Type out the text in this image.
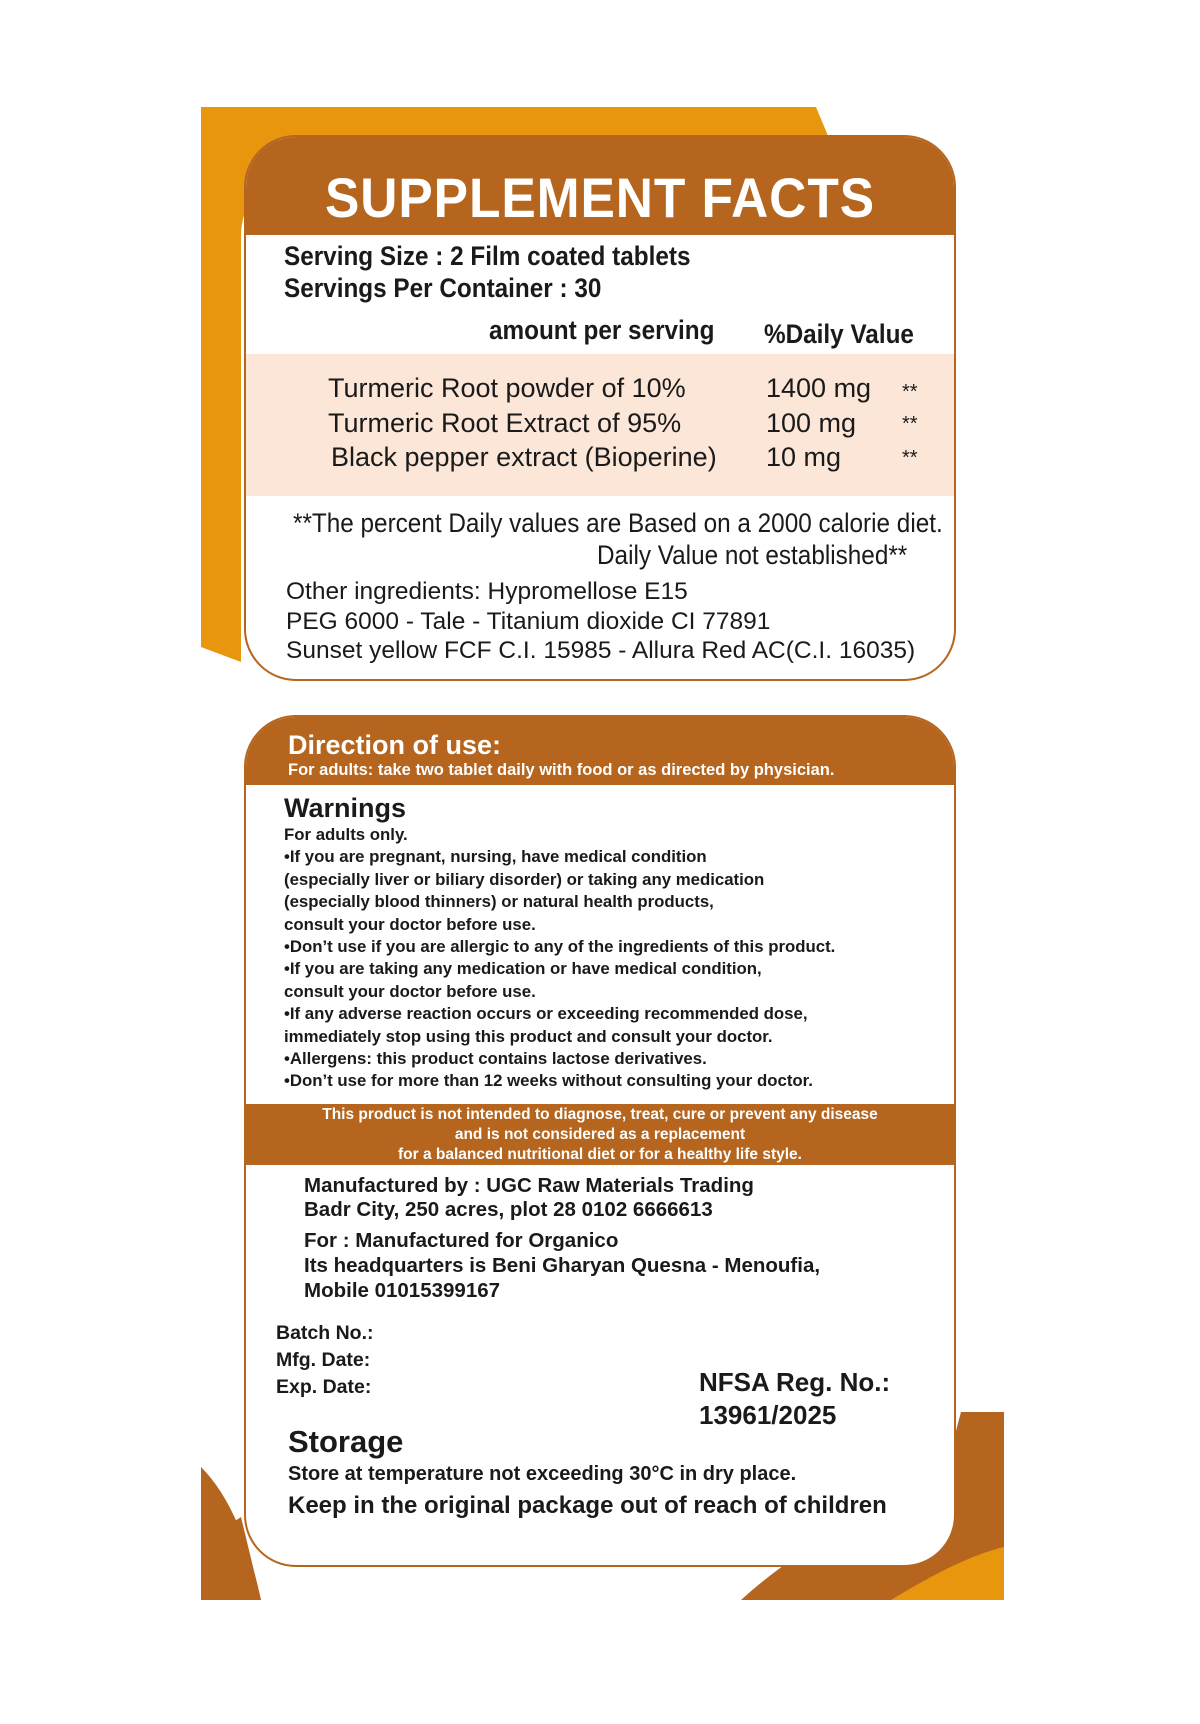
SUPPLEMENT FACTS
Serving Size : 2 Film coated tablets
Servings Per Container : 30
amount per serving %Daily Value
Turmeric Root powder of 10%	1400 mg **
Turmeric Root Extract of 95%	100 mg **
Black pepper extract (Bioperine) 10 mg	**
**The percent Daily values are Based on a 2000 calorie diet.
Daily Value not established**
Other ingredients: Hypromellose E15
PEG 6000 - Tale - Titanium dioxide CI 77891
Sunset yellow FCF C.I. 15985 - Allura Red AC(C.I. 16035)
Direction of use:
For adults: take two tablet daily with food or as directed by physician.
Warnings
For adults only.
•If you are pregnant, nursing, have medical condition
(especially liver or biliary disorder) or taking any medication
(especially blood thinners) or natural health products,
consult your doctor before use.
•Don’t use if you are allergic to any of the ingredients of this product.
•If you are taking any medication or have medical condition,
consult your doctor before use.
•If any adverse reaction occurs or exceeding recommended dose,
immediately stop using this product and consult your doctor.
•Allergens: this product contains lactose derivatives.
•Don’t use for more than 12 weeks without consulting your doctor.
This product is not intended to diagnose, treat, cure or prevent any disease
and is not considered as a replacement
for a balanced nutritional diet or for a healthy life style.
Manufactured by : UGC Raw Materials Trading
Badr City, 250 acres, plot 28 0102 6666613
For : Manufactured for Organico
Its headquarters is Beni Gharyan Quesna - Menoufia,
Mobile 01015399167
Batch No.:
Mfg. Date:
Exp. Date:	NFSA Reg. No.:
13961/2025
Storage
Store at temperature not exceeding 30°C in dry place.
Keep in the original package out of reach of children
